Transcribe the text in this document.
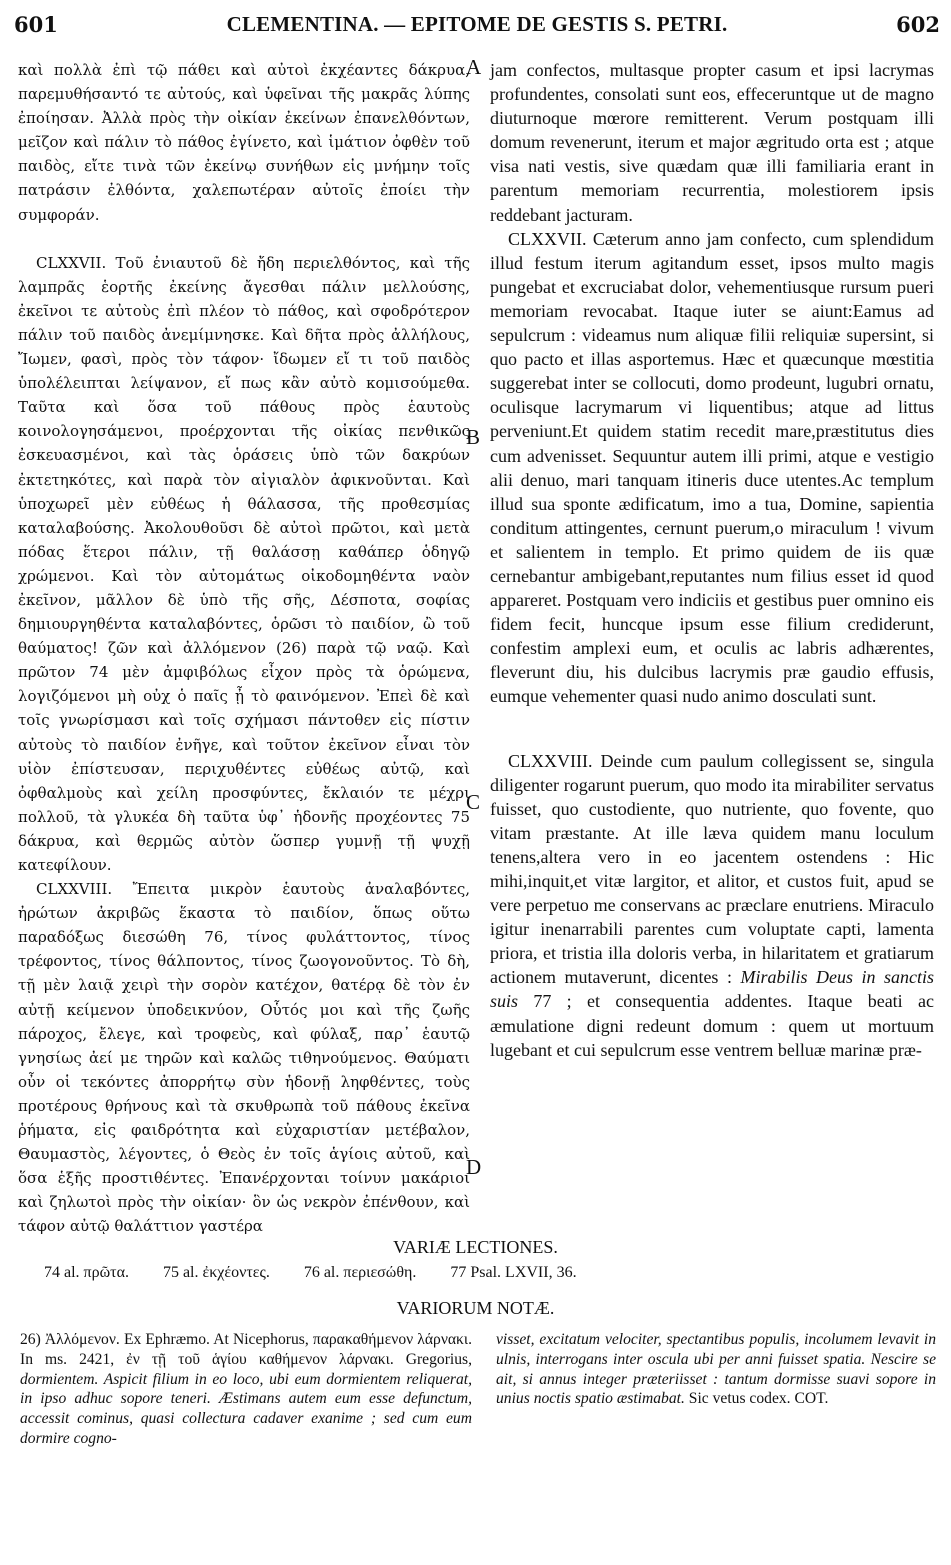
601	CLEMENTINA. — EPITOME DE GESTIS S. PETRI.	602

καὶ πολλὰ ἐπὶ τῷ πάθει καὶ αὐτοὶ ἐκχέαντες δάκρυα, παρεμυθήσαντό τε αὐτούς, καὶ ὑφεῖναι τῆς μακρᾶς λύπης ἐποίησαν. Ἀλλὰ πρὸς τὴν οἰκίαν ἐκείνων ἐπανελθόντων, μεῖζον καὶ πάλιν τὸ πάθος ἐγίνετο, καὶ ἱμάτιον ὀφθὲν τοῦ παιδὸς, εἴτε τινὰ τῶν ἐκείνῳ συνήθων εἰς μνήμην τοῖς πατράσιν ἐλθόντα, χαλεπωτέραν αὐτοῖς ἐποίει τὴν συμφοράν.

CLXXVII. Τοῦ ἐνιαυτοῦ δὲ ἤδη περιελθόντος, καὶ τῆς λαμπρᾶς ἑορτῆς ἐκείνης ἄγεσθαι πάλιν μελλούσης, ἐκεῖνοι τε αὐτοὺς ἐπὶ πλέον τὸ πάθος, καὶ σφοδρότερον πάλιν τοῦ παιδὸς ἀνεμίμνησκε. Καὶ δῆτα πρὸς ἀλλήλους, Ἴωμεν, φασὶ, πρὸς τὸν τάφον· ἴδωμεν εἴ τι τοῦ παιδὸς ὑπολέλειπται λείψανον, εἴ πως κἂν αὐτὸ κομισούμεθα. Ταῦτα καὶ ὅσα τοῦ πάθους πρὸς ἑαυτοὺς κοινολογησάμενοι, προέρχονται τῆς οἰκίας πενθικῶς ἐσκευασμένοι, καὶ τὰς ὁράσεις ὑπὸ τῶν δακρύων ἐκτετηκότες, καὶ παρὰ τὸν αἰγιαλὸν ἀφικνοῦνται. Καὶ ὑποχωρεῖ μὲν εὐθέως ἡ θάλασσα, τῆς προθεσμίας καταλαβούσης. Ἀκολουθοῦσι δὲ αὐτοὶ πρῶτοι, καὶ μετὰ πόδας ἕτεροι πάλιν, τῇ θαλάσσῃ καθάπερ ὁδηγῷ χρώμενοι. Καὶ τὸν αὐτομάτως οἰκοδομηθέντα ναὸν ἐκεῖνον, μᾶλλον δὲ ὑπὸ τῆς σῆς, Δέσποτα, σοφίας δημιουργηθέντα καταλαβόντες, ὁρῶσι τὸ παιδίον, ὢ τοῦ θαύματος! ζῶν καὶ ἀλλόμενον (26) παρὰ τῷ ναῷ. Καὶ πρῶτον 74 μὲν ἀμφιβόλως εἶχον πρὸς τὰ ὁρώμενα, λογιζόμενοι μὴ οὐχ ὁ παῖς ᾖ τὸ φαινόμενον. Ἐπεὶ δὲ καὶ τοῖς γνωρίσμασι καὶ τοῖς σχήμασι πάντοθεν εἰς πίστιν αὐτοὺς τὸ παιδίον ἐνῆγε, καὶ τοῦτον ἐκεῖνον εἶναι τὸν υἱὸν ἐπίστευσαν, περιχυθέντες εὐθέως αὐτῷ, καὶ ὀφθαλμοὺς καὶ χείλη προσφύντες, ἔκλαιόν τε μέχρι πολλοῦ, τὰ γλυκέα δὴ ταῦτα ὑφ᾽ ἡδονῆς προχέοντες 75 δάκρυα, καὶ θερμῶς αὐτὸν ὥσπερ γυμνῇ τῇ ψυχῇ κατεφίλουν.

CLXXVIII. Ἔπειτα μικρὸν ἑαυτοὺς ἀναλαβόντες, ἠρώτων ἀκριβῶς ἕκαστα τὸ παιδίον, ὅπως οὕτω παραδόξως διεσώθη 76, τίνος φυλάττοντος, τίνος τρέφοντος, τίνος θάλποντος, τίνος ζωογονοῦντος. Τὸ δὴ, τῇ μὲν λαιᾷ χειρὶ τὴν σορὸν κατέχον, θατέρᾳ δὲ τὸν ἐν αὐτῇ κείμενον ὑποδεικνύον, Οὗτός μοι καὶ τῆς ζωῆς πάροχος, ἔλεγε, καὶ τροφεὺς, καὶ φύλαξ, παρ᾽ ἑαυτῷ γνησίως ἀεί με τηρῶν καὶ καλῶς τιθηνούμενος. Θαύματι οὖν οἱ τεκόντες ἀπορρήτῳ σὺν ἡδονῇ ληφθέντες, τοὺς προτέρους θρήνους καὶ τὰ σκυθρωπὰ τοῦ πάθους ἐκεῖνα ῥήματα, εἰς φαιδρότητα καὶ εὐχαριστίαν μετέβαλον, Θαυμαστὸς, λέγοντες, ὁ Θεὸς ἐν τοῖς ἁγίοις αὐτοῦ, καὶ ὅσα ἑξῆς προστιθέντες. Ἐπανέρχονται τοίνυν μακάριοι καὶ ζηλωτοὶ πρὸς τὴν οἰκίαν· ὃν ὡς νεκρὸν ἐπένθουν, καὶ τάφον αὐτῷ θαλάττιον γαστέρα

jam confectos, multasque propter casum et ipsi lacrymas profundentes, consolati sunt eos, effeceruntque ut de magno diuturnoque mœrore remitterent. Verum postquam illi domum revenerunt, iterum et major ægritudo orta est ; atque visa nati vestis, sive quædam quæ illi familiaria erant in parentum memoriam recurrentia, molestiorem ipsis reddebant jacturam.

CLXXVII. Cæterum anno jam confecto, cum splendidum illud festum iterum agitandum esset, ipsos multo magis pungebat et excruciabat dolor, vehementiusque rursum pueri memoriam revocabat. Itaque iuter se aiunt:Eamus ad sepulcrum : videamus num aliquæ filii reliquiæ supersint, si quo pacto et illas asportemus. Hæc et quæcunque mœstitia suggerebat inter se collocuti, domo prodeunt, lugubri ornatu, oculisque lacrymarum vi liquentibus; atque ad littus perveniunt.Et quidem statim recedit mare,præstitutus dies cum advenisset. Sequuntur autem illi primi, atque e vestigio alii denuo, mari tanquam itineris duce utentes.Ac templum illud sua sponte ædificatum, imo a tua, Domine, sapientia conditum attingentes, cernunt puerum,o miraculum ! vivum et salientem in templo. Et primo quidem de iis quæ cernebantur ambigebant,reputantes num filius esset id quod appareret. Postquam vero indiciis et gestibus puer omnino eis fidem fecit, huncque ipsum esse filium crediderunt, confestim amplexi eum, et oculis ac labris adhærentes, fleverunt diu, his dulcibus lacrymis præ gaudio effusis, eumque vehementer quasi nudo animo dosculati sunt.

CLXXVIII. Deinde cum paulum collegissent se, singula diligenter rogarunt puerum, quo modo ita mirabiliter servatus fuisset, quo custodiente, quo nutriente, quo fovente, quo vitam præstante. At ille læva quidem manu loculum tenens,altera vero in eo jacentem ostendens : Hic mihi,inquit,et vitæ largitor, et alitor, et custos fuit, apud se vere perpetuo me conservans ac præclare enutriens. Miraculo igitur inenarrabili parentes cum voluptate capti, lamenta priora, et tristia illa doloris verba, in hilaritatem et gratiarum actionem mutaverunt, dicentes : Mirabilis Deus in sanctis suis 77 ; et consequentia addentes. Itaque beati ac æmulatione digni redeunt domum : quem ut mortuum lugebant et cui sepulcrum esse ventrem belluæ marinæ præ-

A
B
C
D
VARIÆ LECTIONES.
74 al. πρῶτα. 75 al. ἐκχέοντες. 76 al. περιεσώθη. 77 Psal. LXVII, 36.
VARIORUM NOTÆ.
26) Ἀλλόμενον. Ex Ephræmo. At Nicephorus, παρακαθήμενον λάρνακι. In ms. 2421, ἐν τῇ τοῦ ἁγίου καθήμενον λάρνακι. Gregorius, dormientem. Aspicit filium in eo loco, ubi eum dormientem reliquerat, in ipso adhuc sopore teneri. Æstimans autem eum esse defunctum, accessit cominus, quasi collectura cadaver exanime ; sed cum eum dormire cogno-
visset, excitatum velociter, spectantibus populis, incolumem levavit in ulnis, interrogans inter oscula ubi per anni fuisset spatia. Nescire se ait, si annus integer præteriisset : tantum dormisse suavi sopore in unius noctis spatio æstimabat. Sic vetus codex. COT.
